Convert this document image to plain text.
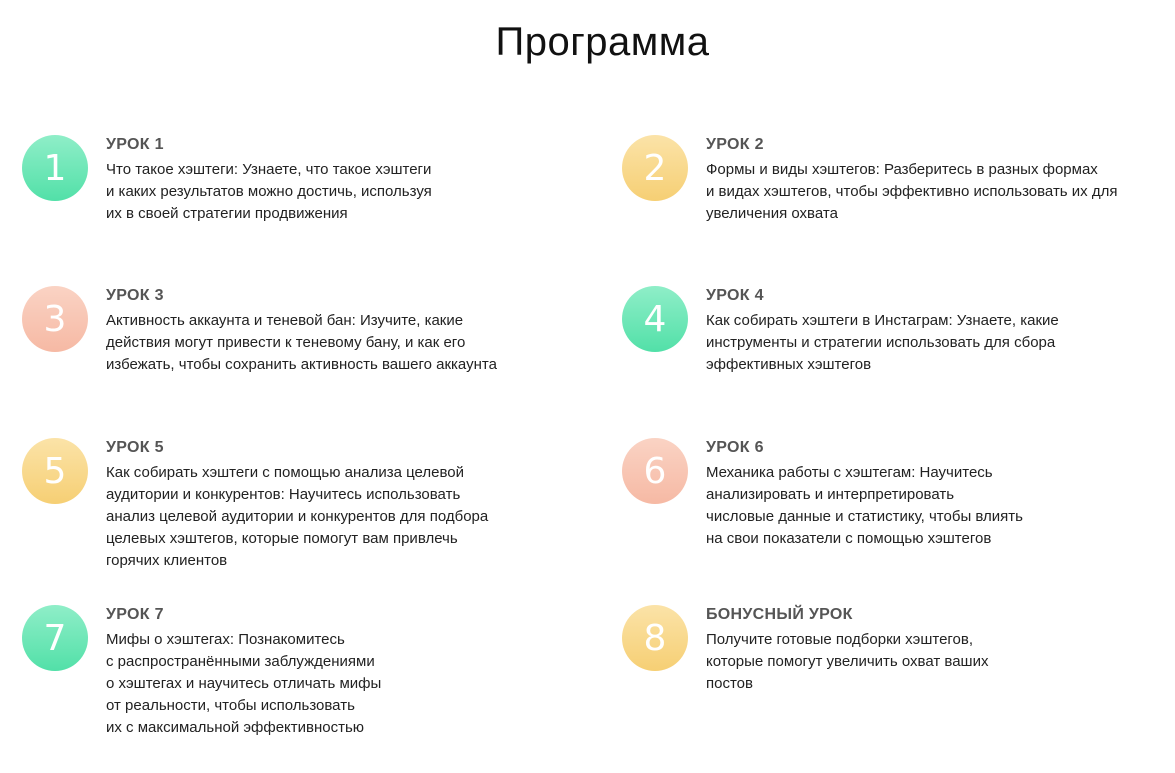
Программа
1
УРОК 1
Что такое хэштеги: Узнаете, что такое хэштеги
и каких результатов можно достичь, используя
их в своей стратегии продвижения
2
УРОК 2
Формы и виды хэштегов: Разберитесь в разных формах
и видах хэштегов, чтобы эффективно использовать их для
увеличения охвата
3
УРОК 3
Активность аккаунта и теневой бан: Изучите, какие
действия могут привести к теневому бану, и как его
избежать, чтобы сохранить активность вашего аккаунта
4
УРОК 4
Как собирать хэштеги в Инстаграм: Узнаете, какие
инструменты и стратегии использовать для сбора
эффективных хэштегов
5
УРОК 5
Как собирать хэштеги с помощью анализа целевой
аудитории и конкурентов: Научитесь использовать
анализ целевой аудитории и конкурентов для подбора
целевых хэштегов, которые помогут вам привлечь
горячих клиентов
6
УРОК 6
Механика работы с хэштегам: Научитесь
анализировать и интерпретировать
числовые данные и статистику, чтобы влиять
на свои показатели с помощью хэштегов
7
УРОК 7
Мифы о хэштегах: Познакомитесь
с распространёнными заблуждениями
о хэштегах и научитесь отличать мифы
от реальности, чтобы использовать
их с максимальной эффективностью
8
БОНУСНЫЙ УРОК
Получите готовые подборки хэштегов,
которые помогут увеличить охват ваших
постов
